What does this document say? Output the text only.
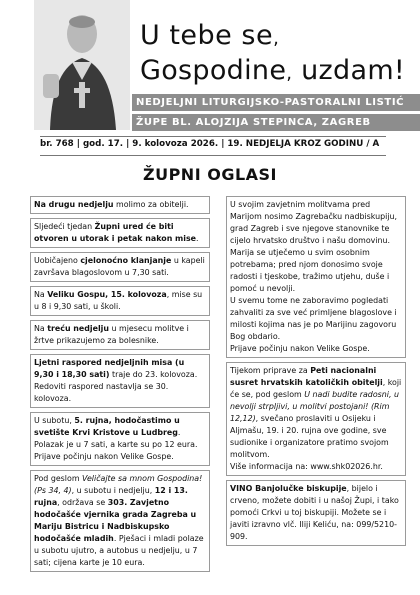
U tebe se,
Gospodine, uzdam!
NEDJELJNI LITURGIJSKO-PASTORALNI LISTIĆ
ŽUPE BL. ALOJZIJA STEPINCA, ZAGREB
br. 768 | god. 17. | 9. kolovoza 2026. | 19. NEDJELJA KROZ GODINU / A
ŽUPNI OGLASI
Na drugu nedjelju molimo za obitelji.
Sljedeći tjedan Župni ured će biti otvoren u utorak i petak nakon mise.
Uobičajeno cjelonoćno klanjanje u kapeli završava blagoslovom u 7,30 sati.
Na Veliku Gospu, 15. kolovoza, mise su u 8 i 9,30 sati, u školi.
Na treću nedjelju u mjesecu molitve i žrtve prikazujemo za bolesnike.
Ljetni raspored nedjeljnih misa (u 9,30 i 18,30 sati) traje do 23. kolovoza. Redoviti raspored nastavlja se 30. kolovoza.
U subotu, 5. rujna, hodočastimo u svetište Krvi Kristove u Ludbreg. Polazak je u 7 sati, a karte su po 12 eura. Prijave počinju nakon Velike Gospe.
Pod geslom Veličajte sa mnom Gospodina! (Ps 34, 4), u subotu i nedjelju, 12 i 13. rujna, održava se 303. Zavjetno hodočašće vjernika grada Zagreba u Mariju Bistricu i Nadbiskupsko hodočašće mladih. Pješaci i mladi polaze u subotu ujutro, a autobus u nedjelju, u 7 sati; cijena karte je 10 eura.
U svojim zavjetnim molitvama pred Marijom nosimo Zagrebačku nadbiskupiju, grad Zagreb i sve njegove stanovnike te cijelo hrvatsko društvo i našu domovinu.
Marija se utječemo u svim osobnim potrebama; pred njom donosimo svoje radosti i tjeskobe, tražimo utjehu, duše i pomoć u nevolji.
U svemu tome ne zaboravimo pogledati zahvaliti za sve već primljene blagoslove i milosti kojima nas je po Marijinu zagovoru Bog obdario.
Prijave počinju nakon Velike Gospe.
Tijekom priprave za Peti nacionalni susret hrvatskih katoličkih obitelji, koji će se, pod geslom U nadi budite radosni, u nevolji strpljivi, u molitvi postojani! (Rim 12,12), svečano proslaviti u Osijeku i Aljmašu, 19. i 20. rujna ove godine, sve sudionike i organizatore pratimo svojom molitvom.
Više informacija na: www.shk02026.hr.
VINO Banjolučke biskupije, bijelo i crveno, možete dobiti i u našoj Župi, i tako pomoći Crkvi u toj biskupiji. Možete se i javiti izravno vlč. Iliji Keliću, na: 099/5210-909.
